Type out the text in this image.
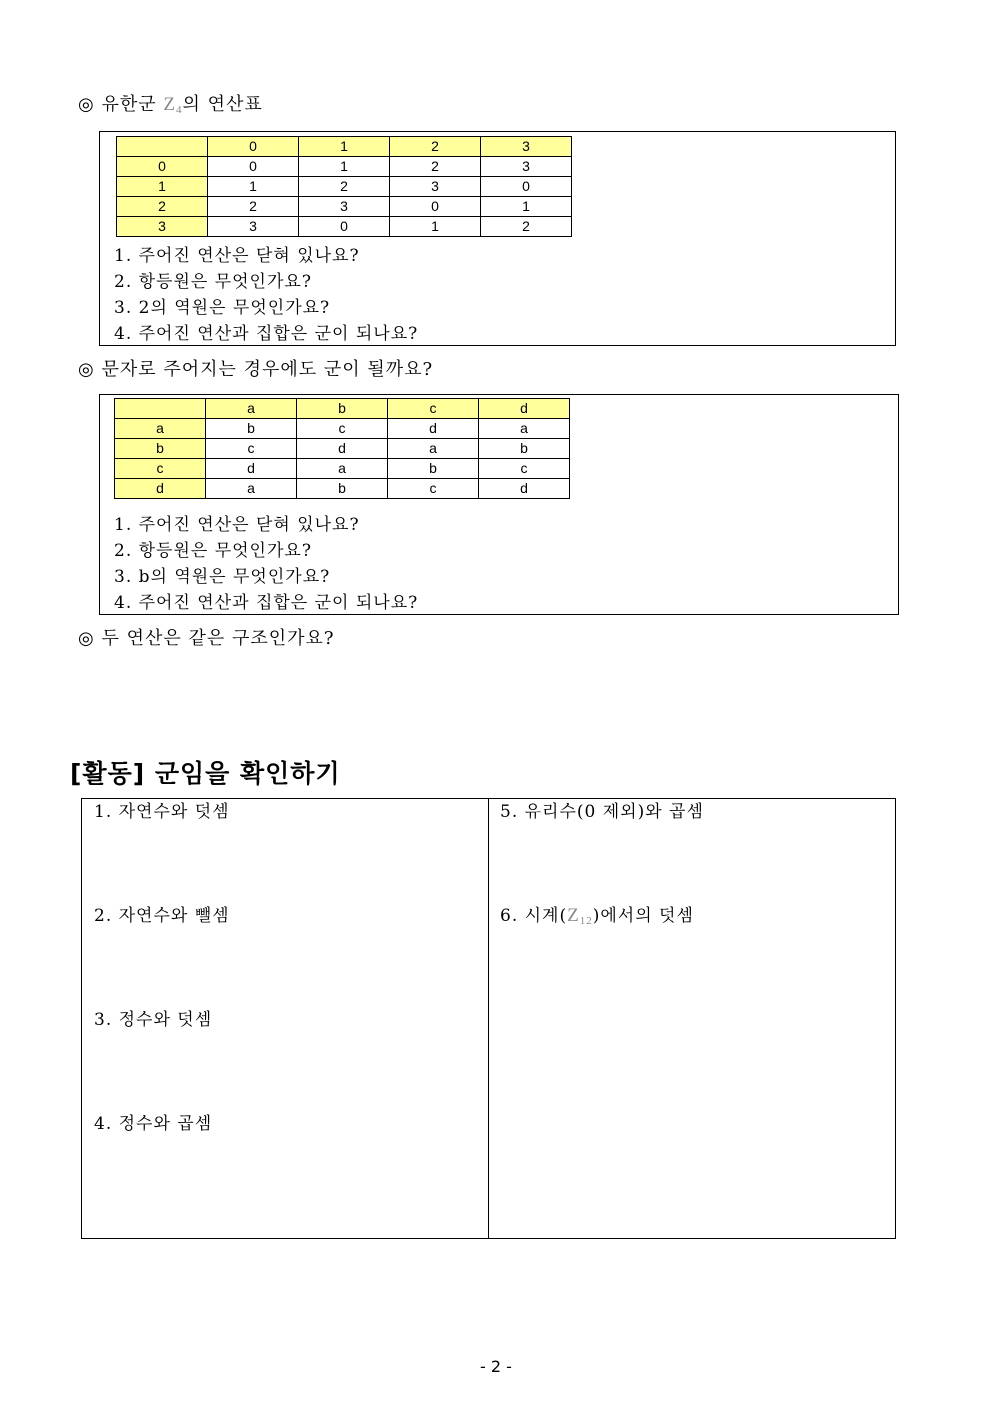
◎ 유한군 $Z_4$의 연산표
	0	1	2	3
0	0	1	2	3
1	1	2	3	0
2	2	3	0	1
3	3	0	1	2
1. 주어진 연산은 닫혀 있나요?
2. 항등원은 무엇인가요?
3. 2의 역원은 무엇인가요?
4. 주어진 연산과 집합은 군이 되나요?
◎ 문자로 주어지는 경우에도 군이 될까요?
	a	b	c	d
a	b	c	d	a
b	c	d	a	b
c	d	a	b	c
d	a	b	c	d
1. 주어진 연산은 닫혀 있나요?
2. 항등원은 무엇인가요?
3. b의 역원은 무엇인가요?
4. 주어진 연산과 집합은 군이 되나요?
◎ 두 연산은 같은 구조인가요?
[활동] 군임을 확인하기
1. 자연수와 덧셈
2. 자연수와 뺄셈
3. 정수와 덧셈
4. 정수와 곱셈
5. 유리수(0 제외)와 곱셈
6. 시계$(Z_{12})$에서의 덧셈
- 2 -
